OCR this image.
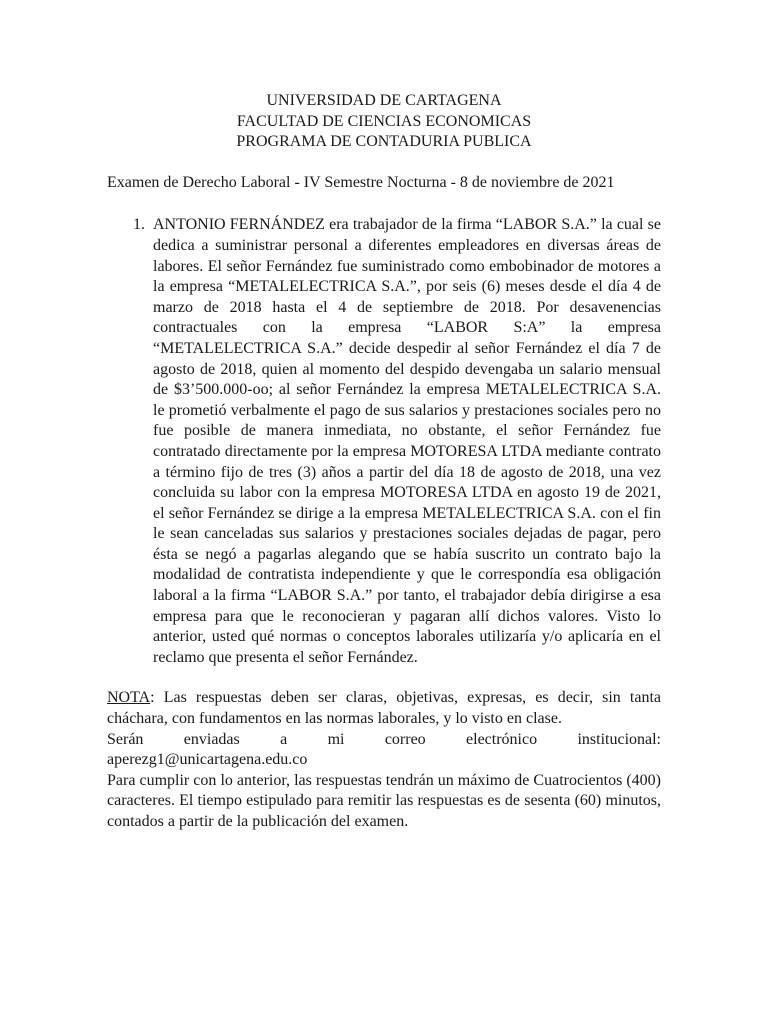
UNIVERSIDAD DE CARTAGENA
FACULTAD DE CIENCIAS ECONOMICAS
PROGRAMA DE CONTADURIA PUBLICA
Examen de Derecho Laboral - IV Semestre Nocturna - 8 de noviembre de 2021
1. ANTONIO FERNÁNDEZ era trabajador de la firma “LABOR S.A.” la cual se dedica a suministrar personal a diferentes empleadores en diversas áreas de labores. El señor Fernández fue suministrado como embobinador de motores a la empresa “METALELECTRICA S.A.”, por seis (6) meses desde el día 4 de marzo de 2018 hasta el 4 de septiembre de 2018. Por desavenencias contractuales con la empresa “LABOR S:A” la empresa “METALELECTRICA S.A.” decide despedir al señor Fernández el día 7 de agosto de 2018, quien al momento del despido devengaba un salario mensual de $3’500.000-oo; al señor Fernández la empresa METALELECTRICA S.A. le prometió verbalmente el pago de sus salarios y prestaciones sociales pero no fue posible de manera inmediata, no obstante, el señor Fernández fue contratado directamente por la empresa MOTORESA LTDA mediante contrato a término fijo de tres (3) años a partir del día 18 de agosto de 2018, una vez concluida su labor con la empresa MOTORESA LTDA en agosto 19 de 2021, el señor Fernández se dirige a la empresa METALELECTRICA S.A. con el fin le sean canceladas sus salarios y prestaciones sociales dejadas de pagar, pero ésta se negó a pagarlas alegando que se había suscrito un contrato bajo la modalidad de contratista independiente y que le correspondía esa obligación laboral a la firma “LABOR S.A.” por tanto, el trabajador debía dirigirse a esa empresa para que le reconocieran y pagaran allí dichos valores. Visto lo anterior, usted qué normas o conceptos laborales utilizaría y/o aplicaría en el reclamo que presenta el señor Fernández.
NOTA: Las respuestas deben ser claras, objetivas, expresas, es decir, sin tanta cháchara, con fundamentos en las normas laborales, y lo visto en clase.
Serán enviadas a mi correo electrónico institucional:
aperezg1@unicartagena.edu.co
Para cumplir con lo anterior, las respuestas tendrán un máximo de Cuatrocientos (400) caracteres. El tiempo estipulado para remitir las respuestas es de sesenta (60) minutos, contados a partir de la publicación del examen.
